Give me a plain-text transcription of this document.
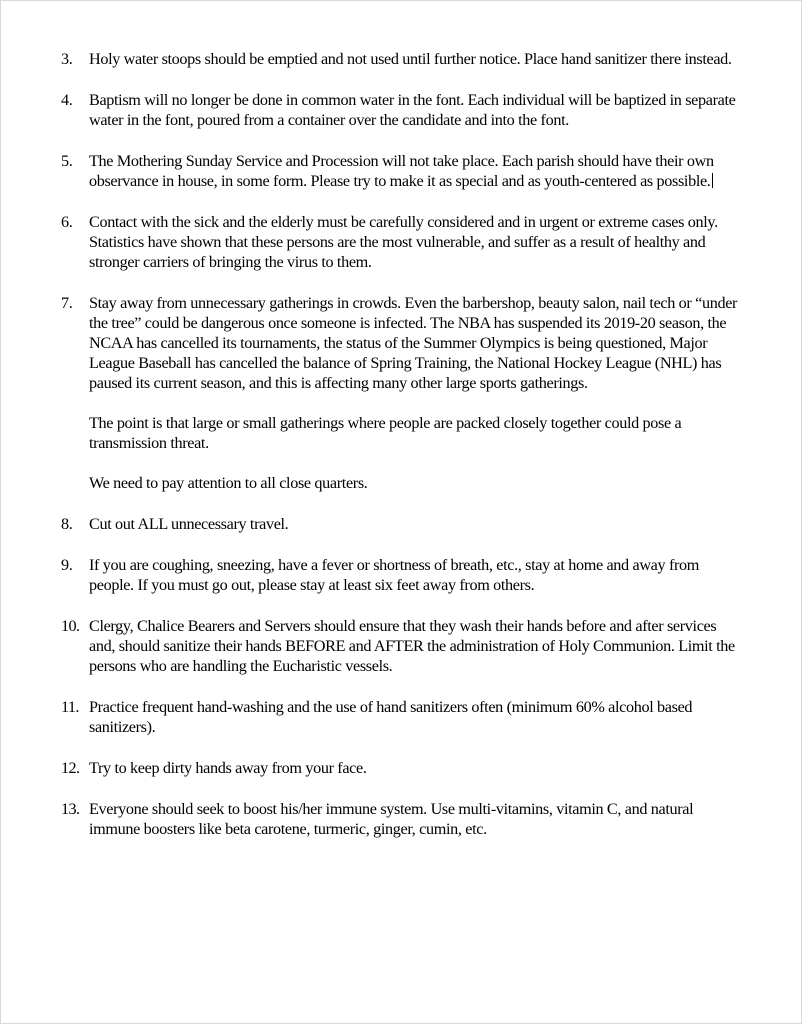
3.	Holy water stoops should be emptied and not used until further notice. Place hand sanitizer there instead.

4.	Baptism will no longer be done in common water in the font. Each individual will be baptized in separate water in the font, poured from a container over the candidate and into the font.

5.	The Mothering Sunday Service and Procession will not take place. Each parish should have their own observance in house, in some form. Please try to make it as special and as youth-centered as possible.

6.	Contact with the sick and the elderly must be carefully considered and in urgent or extreme cases only. Statistics have shown that these persons are the most vulnerable, and suffer as a result of healthy and stronger carriers of bringing the virus to them.

7.	Stay away from unnecessary gatherings in crowds. Even the barbershop, beauty salon, nail tech or “under the tree” could be dangerous once someone is infected. The NBA has suspended its 2019-20 season, the NCAA has cancelled its tournaments, the status of the Summer Olympics is being questioned, Major League Baseball has cancelled the balance of Spring Training, the National Hockey League (NHL) has paused its current season, and this is affecting many other large sports gatherings.

The point is that large or small gatherings where people are packed closely together could pose a transmission threat.

We need to pay attention to all close quarters.

8.	Cut out ALL unnecessary travel.

9.	If you are coughing, sneezing, have a fever or shortness of breath, etc., stay at home and away from people. If you must go out, please stay at least six feet away from others.

10. Clergy, Chalice Bearers and Servers should ensure that they wash their hands before and after services and, should sanitize their hands BEFORE and AFTER the administration of Holy Communion. Limit the persons who are handling the Eucharistic vessels.

11. Practice frequent hand-washing and the use of hand sanitizers often (minimum 60% alcohol based sanitizers).

12. Try to keep dirty hands away from your face.

13. Everyone should seek to boost his/her immune system. Use multi-vitamins, vitamin C, and natural immune boosters like beta carotene, turmeric, ginger, cumin, etc.
